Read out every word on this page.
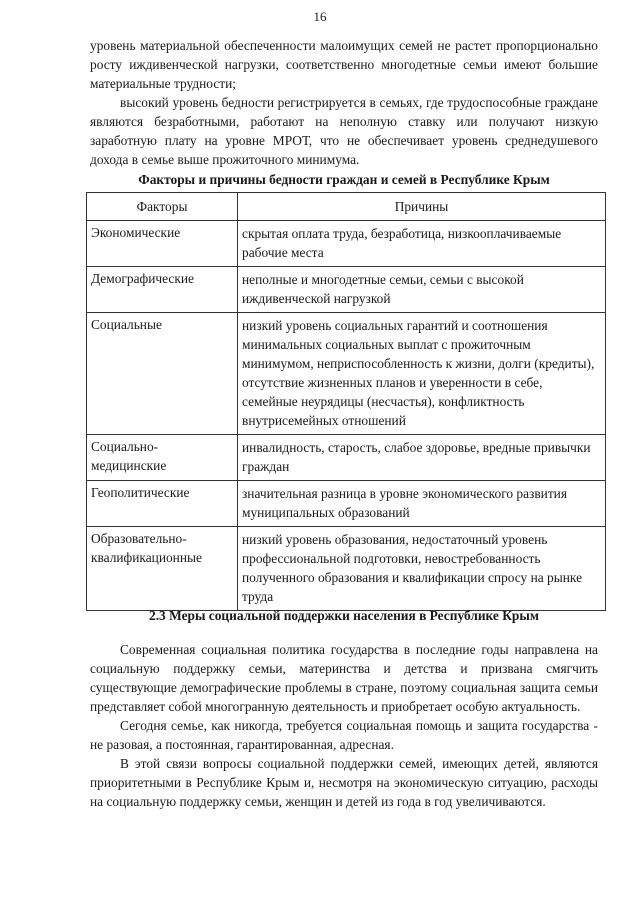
16

уровень материальной обеспеченности малоимущих семей не растет пропорционально росту иждивенческой нагрузки, соответственно многодетные семьи имеют большие материальные трудности;

высокий уровень бедности регистрируется в семьях, где трудоспособные граждане являются безработными, работают на неполную ставку или получают низкую заработную плату на уровне МРОТ, что не обеспечивает уровень среднедушевого дохода в семье выше прожиточного минимума.

Факторы и причины бедности граждан и семей в Республике Крым
Факторы	Причины
Экономические	скрытая оплата труда, безработица, низкооплачиваемые рабочие места
Демографические	неполные и многодетные семьи, семьи с высокой иждивенческой нагрузкой
Социальные	низкий уровень социальных гарантий и соотношения минимальных социальных выплат с прожиточным минимумом, неприспособленность к жизни, долги (кредиты), отсутствие жизненных планов и уверенности в себе, семейные неурядицы (несчастья), конфликтность внутрисемейных отношений
Социально-медицинские	инвалидность, старость, слабое здоровье, вредные привычки граждан
Геополитические	значительная разница в уровне экономического развития муниципальных образований
Образовательно-квалификационные	низкий уровень образования, недостаточный уровень профессиональной подготовки, невостребованность полученного образования и квалификации спросу на рынке труда
2.3 Меры социальной поддержки населения в Республике Крым

Современная социальная политика государства в последние годы направлена на социальную поддержку семьи, материнства и детства и призвана смягчить существующие демографические проблемы в стране, поэтому социальная защита семьи представляет собой многогранную деятельность и приобретает особую актуальность.

Сегодня семье, как никогда, требуется социальная помощь и защита государства - не разовая, а постоянная, гарантированная, адресная.

В этой связи вопросы социальной поддержки семей, имеющих детей, являются приоритетными в Республике Крым и, несмотря на экономическую ситуацию, расходы на социальную поддержку семьи, женщин и детей из года в год увеличиваются.
